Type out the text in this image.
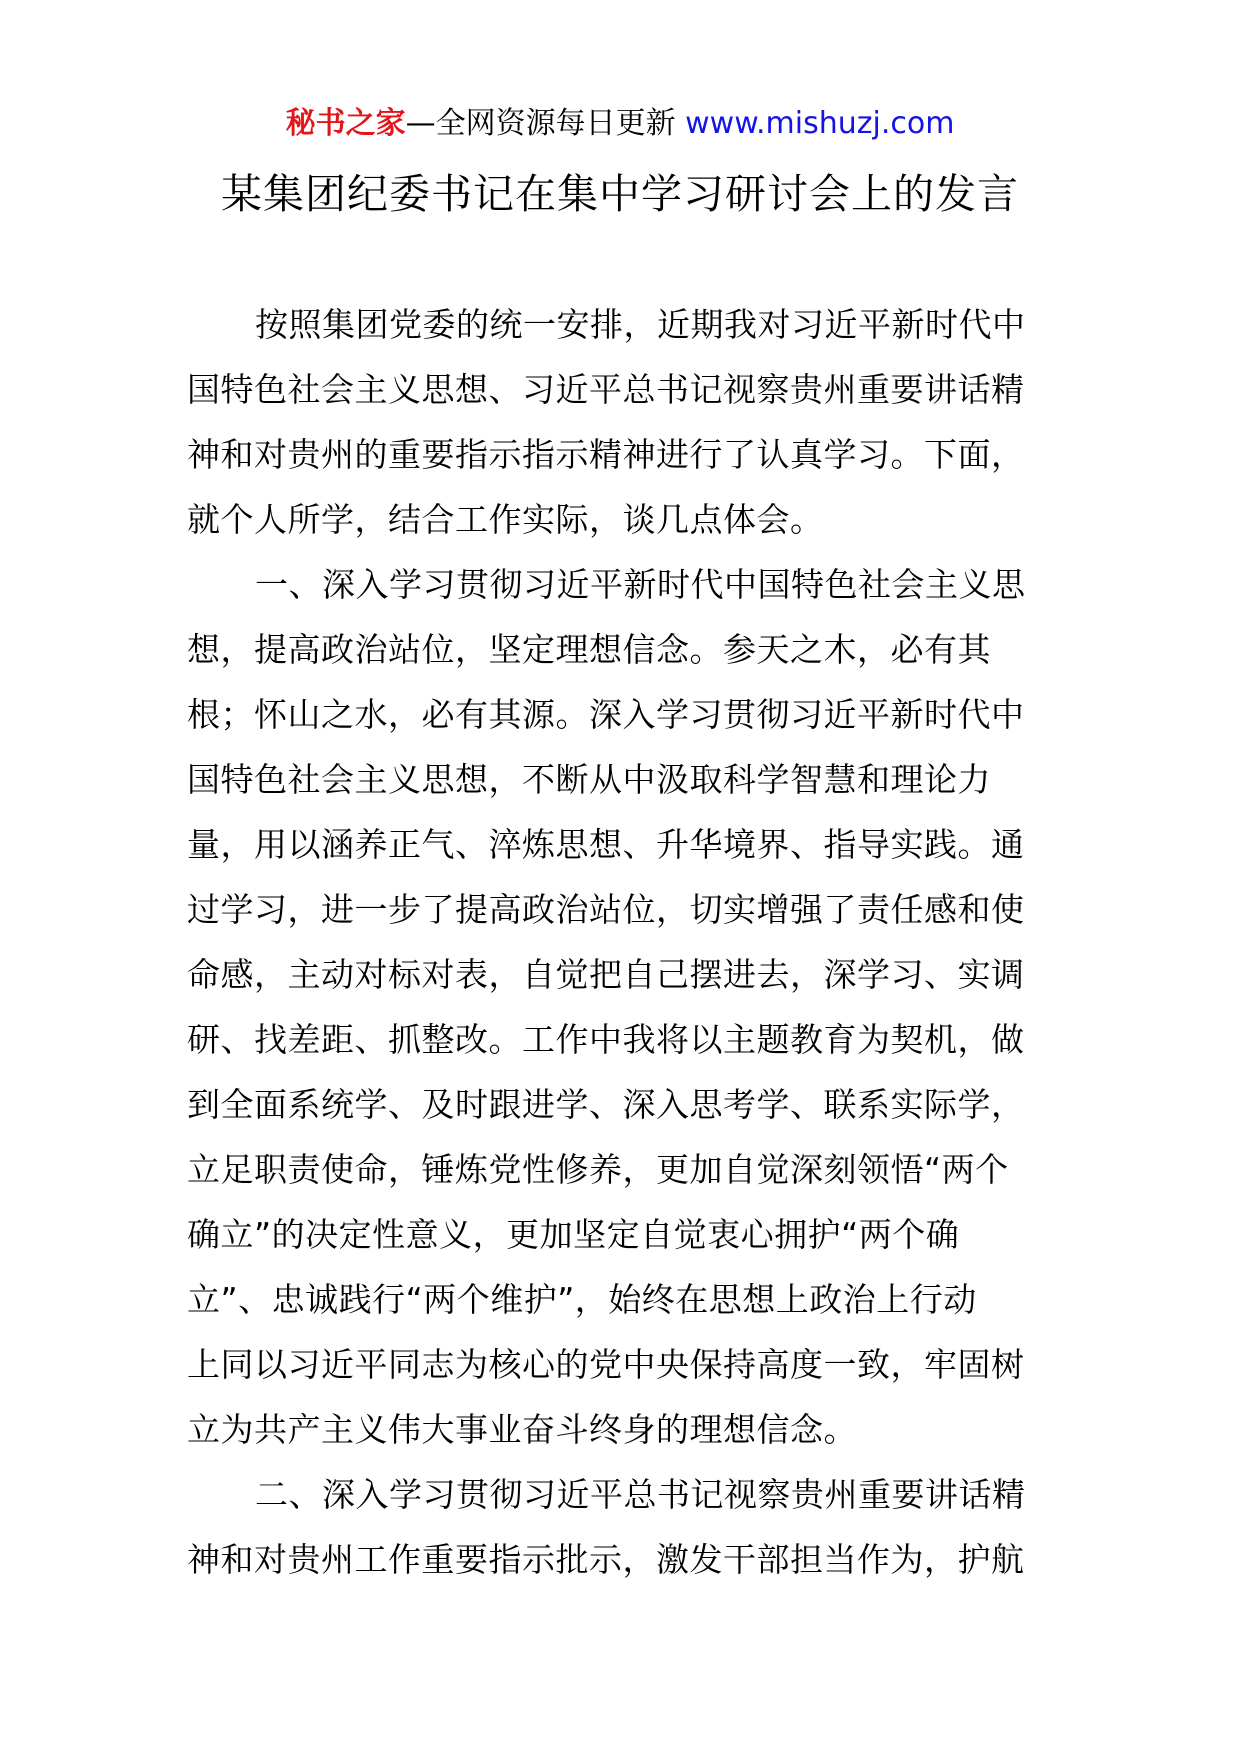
秘书之家—全网资源每日更新 www.mishuzj.com
某集团纪委书记在集中学习研讨会上的发言
按照集团党委的统一安排，近期我对习近平新时代中
国特色社会主义思想、习近平总书记视察贵州重要讲话精
神和对贵州的重要指示指示精神进行了认真学习。下面，
就个人所学，结合工作实际，谈几点体会。
一、深入学习贯彻习近平新时代中国特色社会主义思
想，提高政治站位，坚定理想信念。参天之木，必有其
根；怀山之水，必有其源。深入学习贯彻习近平新时代中
国特色社会主义思想，不断从中汲取科学智慧和理论力
量，用以涵养正气、淬炼思想、升华境界、指导实践。通
过学习，进一步了提高政治站位，切实增强了责任感和使
命感，主动对标对表，自觉把自己摆进去，深学习、实调
研、找差距、抓整改。工作中我将以主题教育为契机，做
到全面系统学、及时跟进学、深入思考学、联系实际学，
立足职责使命，锤炼党性修养，更加自觉深刻领悟“两个
确立”的决定性意义，更加坚定自觉衷心拥护“两个确
立”、忠诚践行“两个维护”，始终在思想上政治上行动
上同以习近平同志为核心的党中央保持高度一致，牢固树
立为共产主义伟大事业奋斗终身的理想信念。
二、深入学习贯彻习近平总书记视察贵州重要讲话精
神和对贵州工作重要指示批示，激发干部担当作为，护航
